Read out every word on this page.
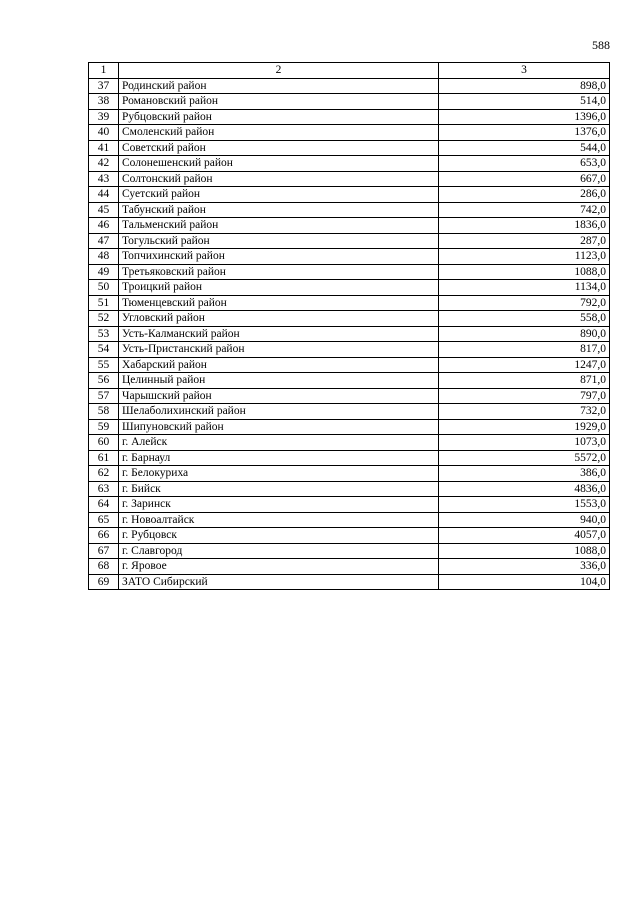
588
1	2	3
37	Родинский район	898,0
38	Романовский район	514,0
39	Рубцовский район	1396,0
40	Смоленский район	1376,0
41	Советский район	544,0
42	Солонешенский район	653,0
43	Солтонский район	667,0
44	Суетский район	286,0
45	Табунский район	742,0
46	Тальменский район	1836,0
47	Тогульский район	287,0
48	Топчихинский район	1123,0
49	Третьяковский район	1088,0
50	Троицкий район	1134,0
51	Тюменцевский район	792,0
52	Угловский район	558,0
53	Усть-Калманский район	890,0
54	Усть-Пристанский район	817,0
55	Хабарский район	1247,0
56	Целинный район	871,0
57	Чарышский район	797,0
58	Шелаболихинский район	732,0
59	Шипуновский район	1929,0
60	г. Алейск	1073,0
61	г. Барнаул	5572,0
62	г. Белокуриха	386,0
63	г. Бийск	4836,0
64	г. Заринск	1553,0
65	г. Новоалтайск	940,0
66	г. Рубцовск	4057,0
67	г. Славгород	1088,0
68	г. Яровое	336,0
69	ЗАТО Сибирский	104,0
